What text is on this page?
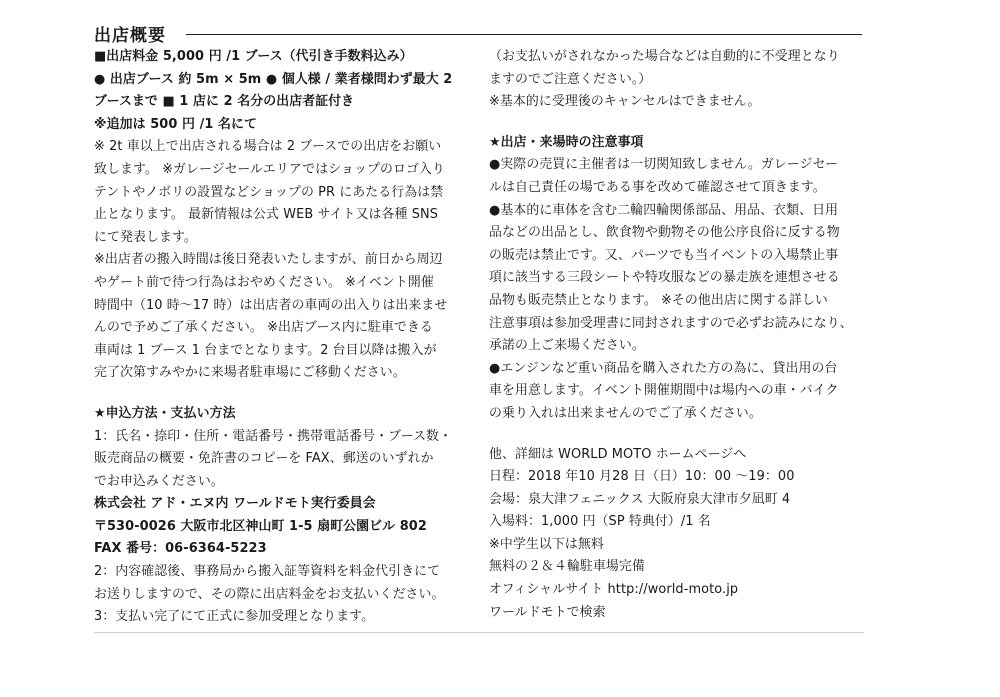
出店概要
■出店料金 5,000 円 /1 ブース（代引き手数料込み）
● 出店ブース 約 5m × 5m ● 個人様 / 業者様問わず最大 2
ブースまで ■ 1 店に 2 名分の出店者証付き
※追加は 500 円 /1 名にて
※ 2t 車以上で出店される場合は 2 ブースでの出店をお願い
致します。 ※ガレージセールエリアではショップのロゴ入り
テントやノボリの設置などショップの PR にあたる行為は禁
止となります。 最新情報は公式 WEB サイト又は各種 SNS
にて発表します。
※出店者の搬入時間は後日発表いたしますが、前日から周辺
やゲート前で待つ行為はおやめください。 ※イベント開催
時間中（10 時～17 時）は出店者の車両の出入りは出来ませ
んので予めご了承ください。 ※出店ブース内に駐車できる
車両は 1 ブース 1 台までとなります。2 台目以降は搬入が
完了次第すみやかに来場者駐車場にご移動ください。
★申込方法・支払い方法
1：氏名・捺印・住所・電話番号・携帯電話番号・ブース数・
販売商品の概要・免許書のコピーを FAX、郵送のいずれか
でお申込みください。
株式会社 アド・エヌ内 ワールドモト実行委員会
〒530-0026 大阪市北区神山町 1-5 扇町公園ビル 802
FAX 番号：06-6364-5223
2：内容確認後、事務局から搬入証等資料を料金代引きにて
お送りしますので、その際に出店料金をお支払いください。
3：支払い完了にて正式に参加受理となります。
（お支払いがされなかった場合などは自動的に不受理となり
ますのでご注意ください。）
※基本的に受理後のキャンセルはできません。
★出店・来場時の注意事項
●実際の売買に主催者は一切関知致しません。ガレージセー
ルは自己責任の場である事を改めて確認させて頂きます。
●基本的に車体を含む二輪四輪関係部品、用品、衣類、日用
品などの出品とし、飲食物や動物その他公序良俗に反する物
の販売は禁止です。又、パーツでも当イベントの入場禁止事
項に該当する三段シートや特攻服などの暴走族を連想させる
品物も販売禁止となります。 ※その他出店に関する詳しい
注意事項は参加受理書に同封されますので必ずお読みになり、
承諾の上ご来場ください。
●エンジンなど重い商品を購入された方の為に、貸出用の台
車を用意します。イベント開催期間中は場内への車・バイク
の乗り入れは出来ませんのでご了承ください。
他、詳細は WORLD MOTO ホームページへ
日程：2018 年10 月28 日（日）10：00 ～19：00
会場：泉大津フェニックス 大阪府泉大津市夕凪町 4
入場料：1,000 円（SP 特典付）/1 名
※中学生以下は無料
無料の２＆４輪駐車場完備
オフィシャルサイト http://world-moto.jp
ワールドモトで検索
